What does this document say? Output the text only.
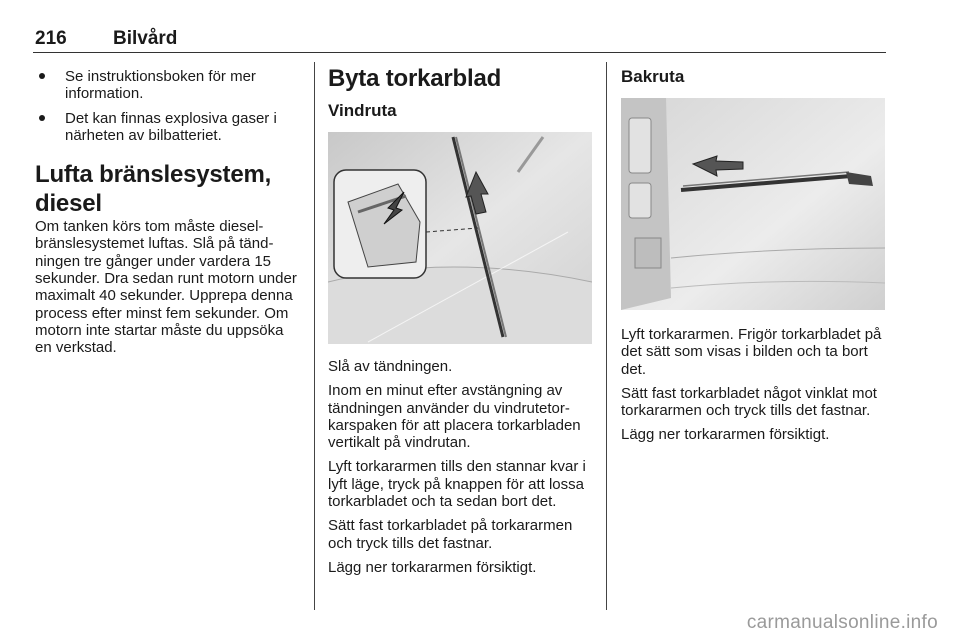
216 Bilvård
Se instruktionsboken för mer information.
Det kan finnas explosiva gaser i närheten av bilbatteriet.
Lufta bränslesystem, diesel

Om tanken körs tom måste dieselbränslesystemet luftas. Slå på tändningen tre gånger under vardera 15 sekunder. Dra sedan runt motorn under maximalt 40 sekunder. Upprepa denna process efter minst fem sekunder. Om motorn inte startar måste du uppsöka en verkstad.

Byta torkarblad
Vindruta

Slå av tändningen.

Inom en minut efter avstängning av tändningen använder du vindrutetorkarspaken för att placera torkarbladen vertikalt på vindrutan.

Lyft torkararmen tills den stannar kvar i lyft läge, tryck på knappen för att lossa torkarbladet och ta sedan bort det.

Sätt fast torkarbladet på torkararmen och tryck tills det fastnar.

Lägg ner torkararmen försiktigt.

Bakruta

Lyft torkararmen. Frigör torkarbladet på det sätt som visas i bilden och ta bort det.

Sätt fast torkarbladet något vinklat mot torkararmen och tryck tills det fastnar.

Lägg ner torkararmen försiktigt.

carmanualsonline.info
